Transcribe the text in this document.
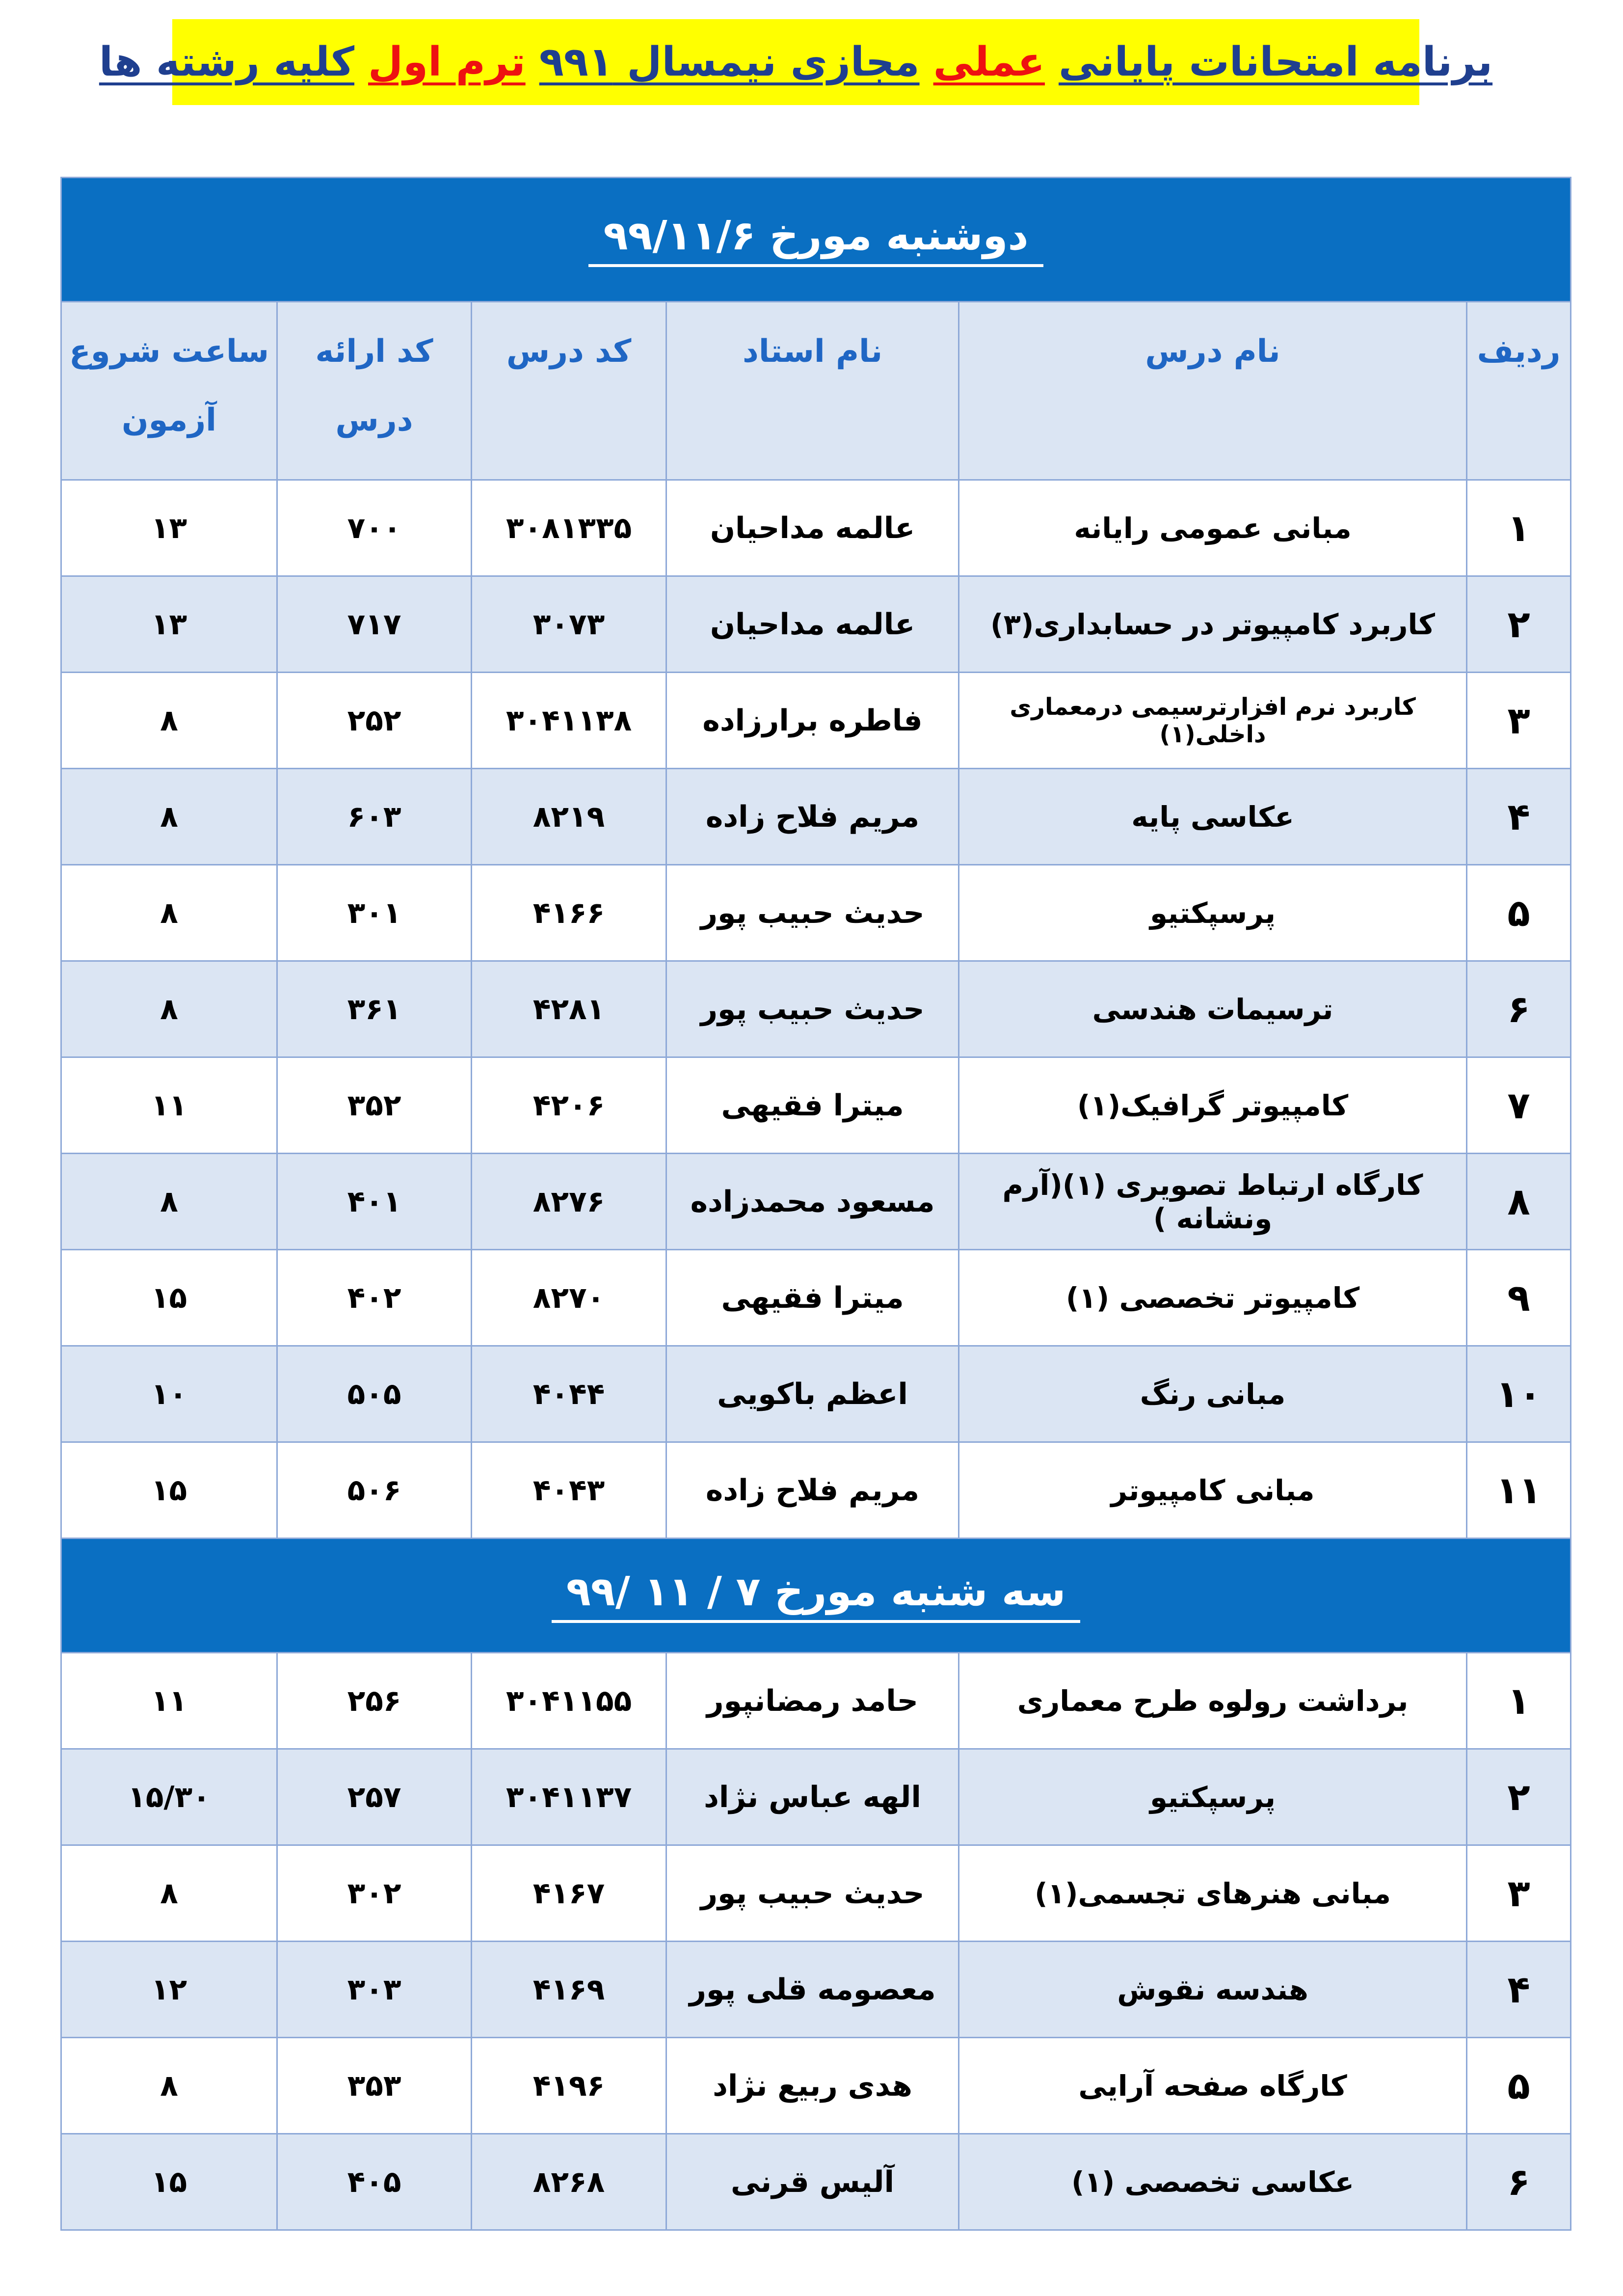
برنامه امتحانات پایانی
عملی
مجازی نیمسال ۹۹۱
ترم اول
کلیه رشته ها
دوشنبه مورخ ۹۹/۱۱/۶					
ردیف	نام درس	نام استاد	کد درس	کد ارائه درس	ساعت شروع آزمون
۱	مبانی عمومی رایانه	عالمه مداحیان	۳۰۸۱۳۳۵	۷۰۰	۱۳
۲	کاربرد کامپیوتر در حسابداری(۳)	عالمه مداحیان	۳۰۷۳	۷۱۷	۱۳
۳	کاربرد نرم افزارترسیمی درمعماری داخلی(۱)	فاطره برارزاده	۳۰۴۱۱۳۸	۲۵۲	۸
۴	عکاسی پایه	مریم فلاح زاده	۸۲۱۹	۶۰۳	۸
۵	پرسپکتیو	حدیث حبیب پور	۴۱۶۶	۳۰۱	۸
۶	ترسیمات هندسی	حدیث حبیب پور	۴۲۸۱	۳۶۱	۸
۷	کامپیوتر گرافیک(۱)	میترا فقیهی	۴۲۰۶	۳۵۲	۱۱
۸	کارگاه ارتباط تصویری (۱)(آرم ونشانه )	مسعود محمدزاده	۸۲۷۶	۴۰۱	۸
۹	کامپیوتر تخصصی (۱)	میترا فقیهی	۸۲۷۰	۴۰۲	۱۵
۱۰	مبانی رنگ	اعظم باکویی	۴۰۴۴	۵۰۵	۱۰
۱۱	مبانی کامپیوتر	مریم فلاح زاده	۴۰۴۳	۵۰۶	۱۵
سه شنبه مورخ ۷ / ۱۱ /۹۹					
۱	برداشت رولوه طرح معماری	حامد رمضانپور	۳۰۴۱۱۵۵	۲۵۶	۱۱
۲	پرسپکتیو	الهه عباس نژاد	۳۰۴۱۱۳۷	۲۵۷	۱۵/۳۰
۳	مبانی هنرهای تجسمی(۱)	حدیث حبیب پور	۴۱۶۷	۳۰۲	۸
۴	هندسه نقوش	معصومه قلی پور	۴۱۶۹	۳۰۳	۱۲
۵	کارگاه صفحه آرایی	هدی ربیع نژاد	۴۱۹۶	۳۵۳	۸
۶	عکاسی تخصصی (۱)	آلیس قرنی	۸۲۶۸	۴۰۵	۱۵
